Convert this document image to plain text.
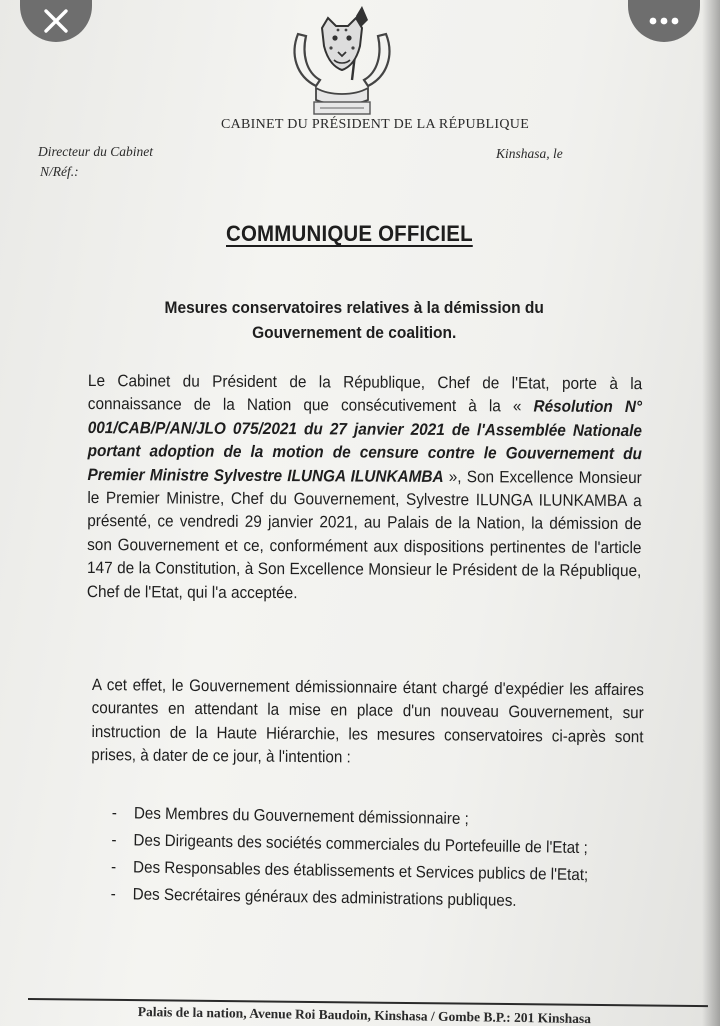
CABINET DU PRÉSIDENT DE LA RÉPUBLIQUE
Directeur du Cabinet
N/Réf.:
Kinshasa, le
COMMUNIQUE OFFICIEL
Mesures conservatoires relatives à la démission du
Gouvernement de coalition.

Le Cabinet du Président de la République, Chef de l'Etat, porte à la connaissance de la Nation que consécutivement à la « Résolution N° 001/CAB/P/AN/JLO 075/2021 du 27 janvier 2021 de l'Assemblée Nationale portant adoption de la motion de censure contre le Gouvernement du Premier Ministre Sylvestre ILUNGA ILUNKAMBA », Son Excellence Monsieur le Premier Ministre, Chef du Gouvernement, Sylvestre ILUNGA ILUNKAMBA a présenté, ce vendredi 29 janvier 2021, au Palais de la Nation, la démission de son Gouvernement et ce, conformément aux dispositions pertinentes de l'article 147 de la Constitution, à Son Excellence Monsieur le Président de la République, Chef de l'Etat, qui l'a acceptée.

A cet effet, le Gouvernement démissionnaire étant chargé d'expédier les affaires courantes en attendant la mise en place d'un nouveau Gouvernement, sur instruction de la Haute Hiérarchie, les mesures conservatoires ci-après sont prises, à dater de ce jour, à l'intention :

-	Des Membres du Gouvernement démissionnaire ;
-	Des Dirigeants des sociétés commerciales du Portefeuille de l'Etat ;
-	Des Responsables des établissements et Services publics de l'Etat;
-	Des Secrétaires généraux des administrations publiques.
Palais de la nation, Avenue Roi Baudoin, Kinshasa / Gombe B.P.: 201 Kinshasa
